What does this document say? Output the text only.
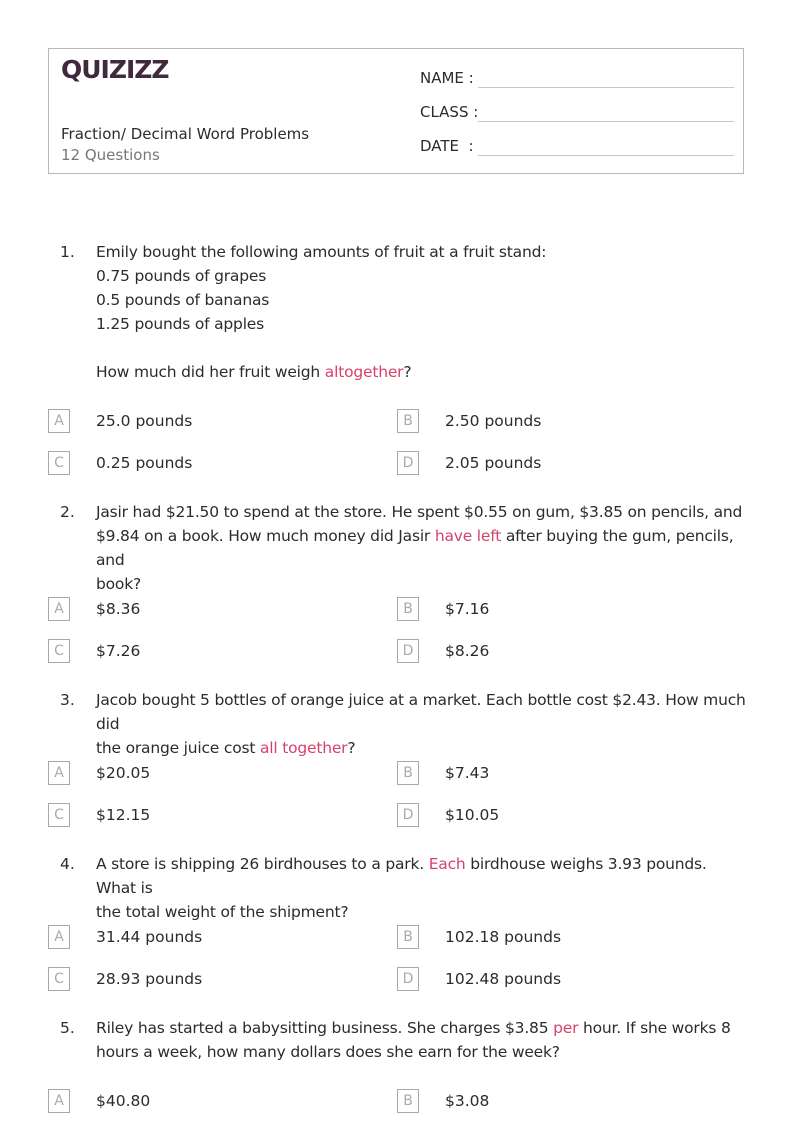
QUIZIZZ
Fraction/ Decimal Word Problems
12 Questions
NAME :
CLASS :
DATE  :
1. Emily bought the following amounts of fruit at a fruit stand:
0.75 pounds of grapes
0.5 pounds of bananas
1.25 pounds of apples
How much did her fruit weigh altogether?
A	25.0 pounds	B	2.50 pounds
C	0.25 pounds	D	2.05 pounds
2. Jasir had $21.50 to spend at the store. He spent $0.55 on gum, $3.85 on pencils, and
$9.84 on a book. How much money did Jasir have left after buying the gum, pencils, and
book?
A	$8.36	B	$7.16
C	$7.26	D	$8.26
3. Jacob bought 5 bottles of orange juice at a market. Each bottle cost $2.43. How much did
the orange juice cost all together?
A	$20.05	B	$7.43
C	$12.15	D	$10.05
4. A store is shipping 26 birdhouses to a park. Each birdhouse weighs 3.93 pounds. What is
the total weight of the shipment?
A	31.44 pounds	B	102.18 pounds
C	28.93 pounds	D	102.48 pounds
5. Riley has started a babysitting business. She charges $3.85 per hour. If she works 8
hours a week, how many dollars does she earn for the week?
A	$40.80	B	$3.08
